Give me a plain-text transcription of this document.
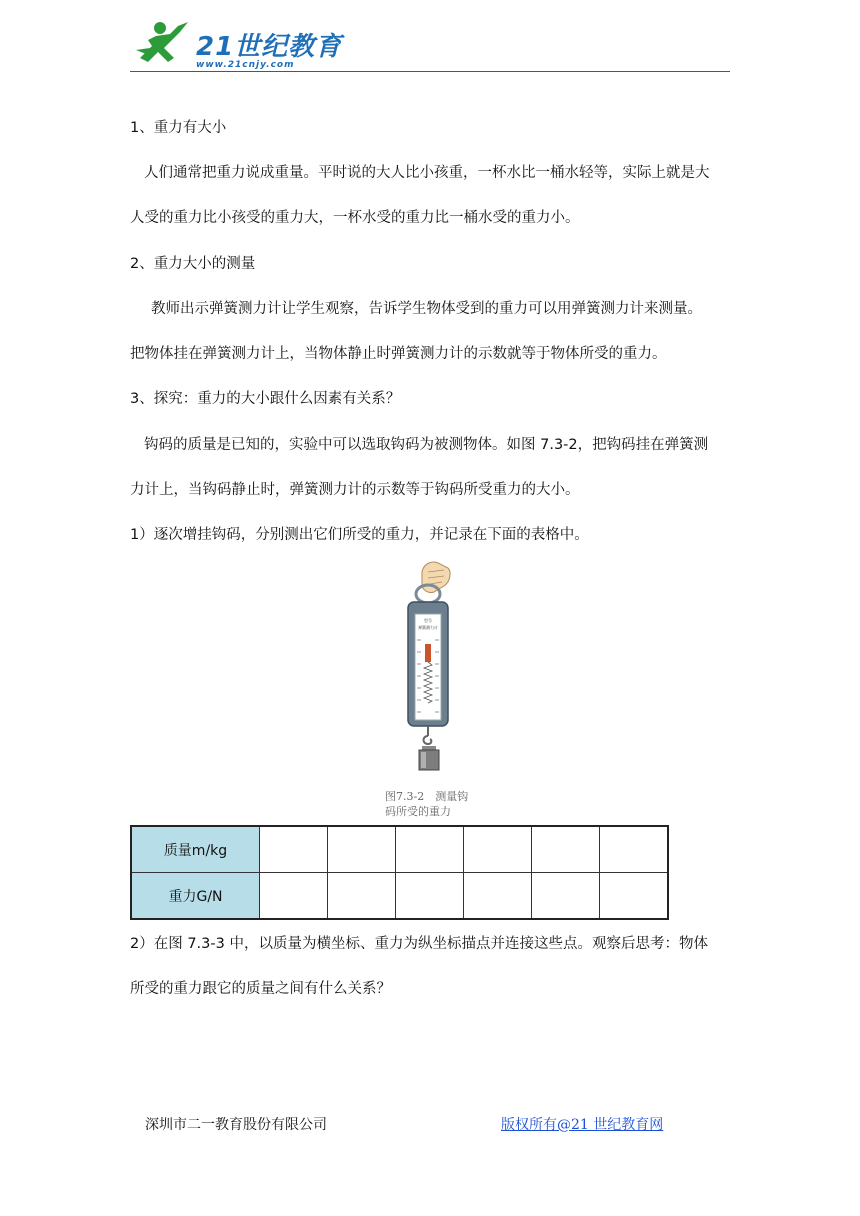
21世纪教育
www.21cnjy.com

1、重力有大小

人们通常把重力说成重量。平时说的大人比小孩重，一杯水比一桶水轻等，实际上就是大

人受的重力比小孩受的重力大，一杯水受的重力比一桶水受的重力小。

2、重力大小的测量

教师出示弹簧测力计让学生观察，告诉学生物体受到的重力可以用弹簧测力计来测量。

把物体挂在弹簧测力计上，当物体静止时弹簧测力计的示数就等于物体所受的重力。

3、探究：重力的大小跟什么因素有关系？

钩码的质量是已知的，实验中可以选取钩码为被测物体。如图 7.3-2，把钩码挂在弹簧测

力计上，当钩码静止时，弹簧测力计的示数等于钩码所受重力的大小。

1）逐次增挂钩码，分别测出它们所受的重力，并记录在下面的表格中。

型号
弹簧测力计
图7.3-2　测量钩
码所受的重力
质量m/kg						
重力G/N						

2）在图 7.3-3 中，以质量为横坐标、重力为纵坐标描点并连接这些点。观察后思考：物体

所受的重力跟它的质量之间有什么关系？

深圳市二一教育股份有限公司	版权所有@21 世纪教育网
